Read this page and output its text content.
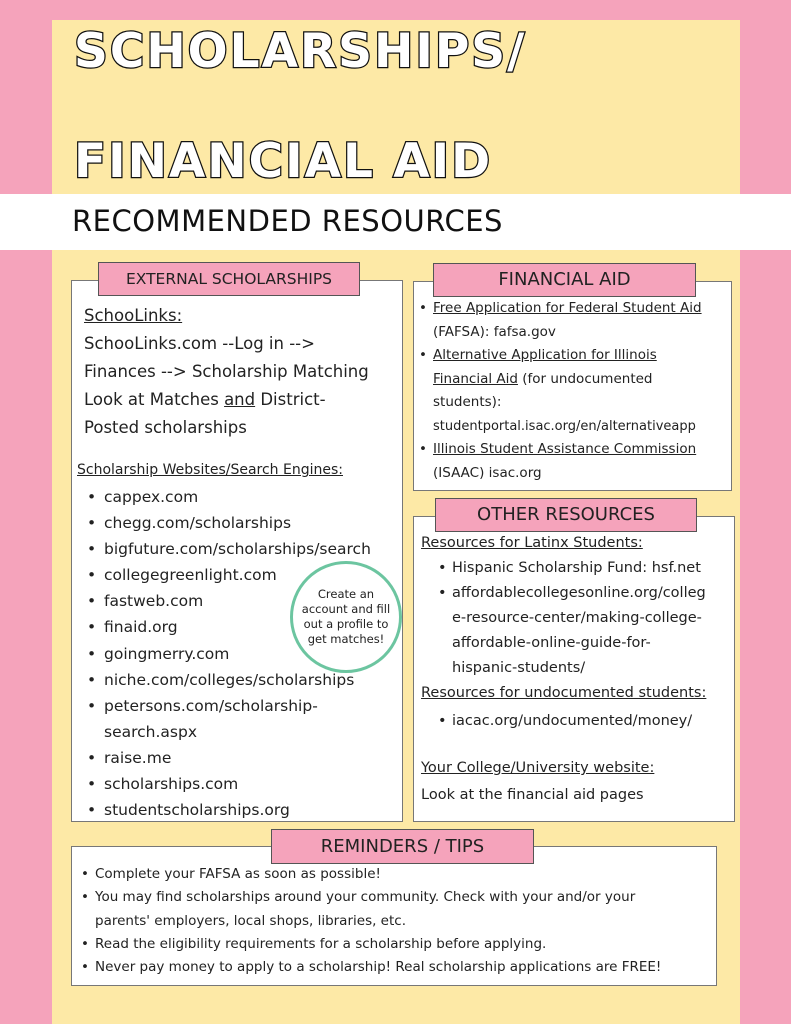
SCHOLARSHIPS/
FINANCIAL AID
RECOMMENDED RESOURCES
EXTERNAL SCHOLARSHIPS
SchooLinks:
SchooLinks.com --Log in -->
Finances --> Scholarship Matching
Look at Matches and District-
Posted scholarships
Scholarship Websites/Search Engines:
• cappex.com
• chegg.com/scholarships
• bigfuture.com/scholarships/search
• collegegreenlight.com
• fastweb.com
• finaid.org
• goingmerry.com
• niche.com/colleges/scholarships
• petersons.com/scholarship-
search.aspx
• raise.me
• scholarships.com
• studentscholarships.org
Create an account and fill out a profile to get matches!
FINANCIAL AID
• Free Application for Federal Student Aid
(FAFSA): fafsa.gov
• Alternative Application for Illinois
Financial Aid (for undocumented
students):
studentportal.isac.org/en/alternativeapp
• Illinois Student Assistance Commission
(ISAAC) isac.org
OTHER RESOURCES
Resources for Latinx Students:
• Hispanic Scholarship Fund: hsf.net
• affordablecollegesonline.org/colleg
e-resource-center/making-college-
affordable-online-guide-for-
hispanic-students/
Resources for undocumented students:
• iacac.org/undocumented/money/
Your College/University website:
Look at the financial aid pages
REMINDERS / TIPS
• Complete your FAFSA as soon as possible!
• You may find scholarships around your community. Check with your and/or your
parents' employers, local shops, libraries, etc.
• Read the eligibility requirements for a scholarship before applying.
• Never pay money to apply to a scholarship! Real scholarship applications are FREE!
